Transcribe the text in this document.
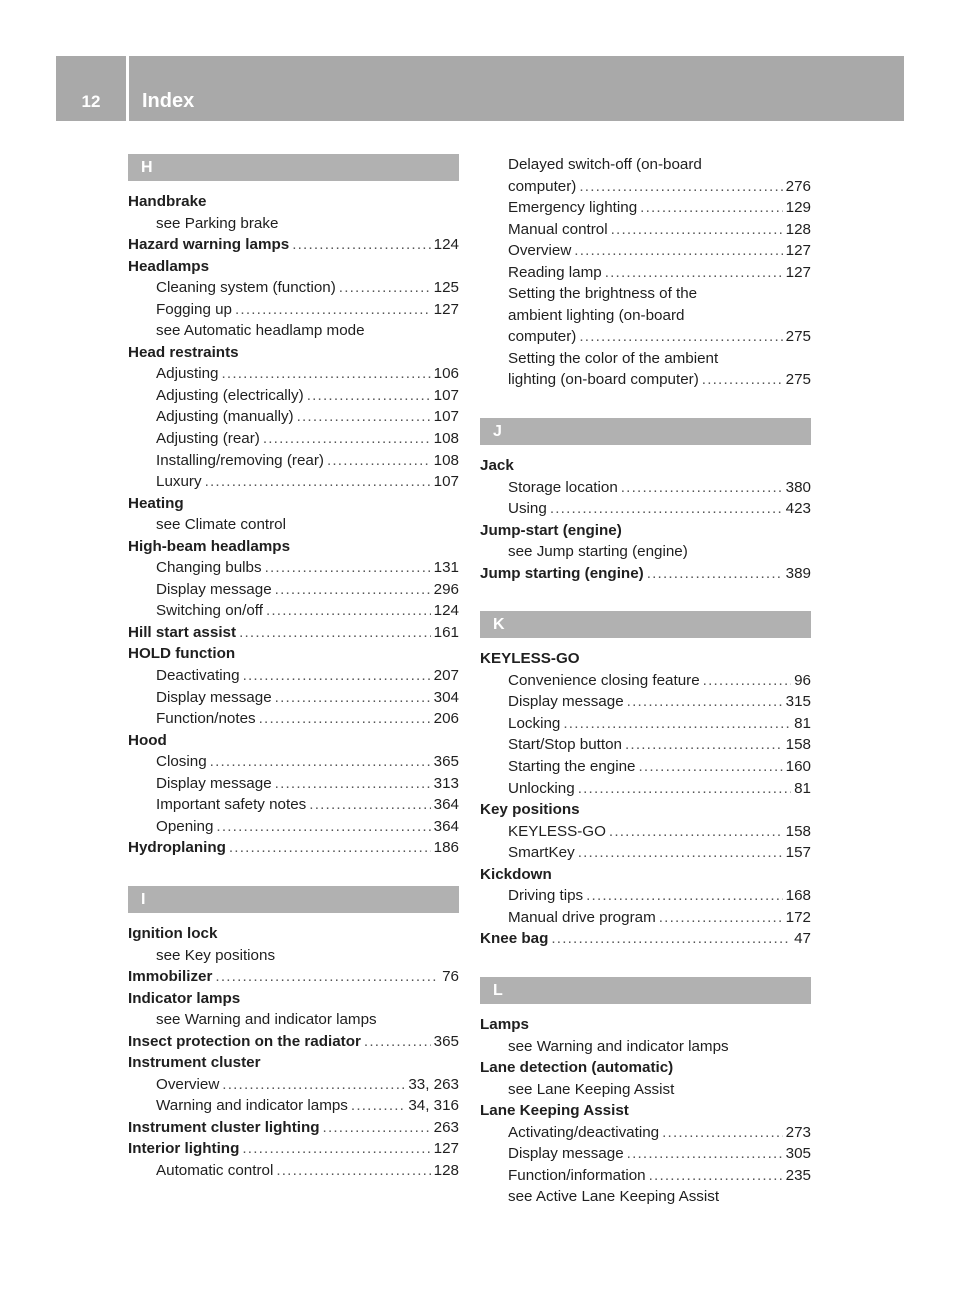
12	Index
H
Handbrake
see Parking brake
Hazard warning lamps .....	124
Headlamps
Cleaning system (function) .....	125
Fogging up .....	127
see Automatic headlamp mode
Head restraints
Adjusting .....	106
Adjusting (electrically) .....	107
Adjusting (manually) .....	107
Adjusting (rear) .....	108
Installing/removing (rear) .....	108
Luxury .....	107
Heating
see Climate control
High-beam headlamps
Changing bulbs .....	131
Display message .....	296
Switching on/off .....	124
Hill start assist .....	161
HOLD function
Deactivating .....	207
Display message .....	304
Function/notes .....	206
Hood
Closing .....	365
Display message .....	313
Important safety notes .....	364
Opening .....	364
Hydroplaning .....	186
I
Ignition lock
see Key positions
Immobilizer .....	76
Indicator lamps
see Warning and indicator lamps
Insect protection on the radiator .....	365
Instrument cluster
Overview .....	33, 263
Warning and indicator lamps .....	34, 316
Instrument cluster lighting .....	263
Interior lighting .....	127
Automatic control .....	128
Delayed switch-off (on-board
computer) .....	276
Emergency lighting .....	129
Manual control .....	128
Overview .....	127
Reading lamp .....	127
Setting the brightness of the
ambient lighting (on-board
computer) .....	275
Setting the color of the ambient
lighting (on-board computer) .....	275
J
Jack
Storage location .....	380
Using .....	423
Jump-start (engine)
see Jump starting (engine)
Jump starting (engine) .....	389
K
KEYLESS-GO
Convenience closing feature .....	96
Display message .....	315
Locking .....	81
Start/Stop button .....	158
Starting the engine .....	160
Unlocking .....	81
Key positions
KEYLESS-GO .....	158
SmartKey .....	157
Kickdown
Driving tips .....	168
Manual drive program .....	172
Knee bag .....	47
L
Lamps
see Warning and indicator lamps
Lane detection (automatic)
see Lane Keeping Assist
Lane Keeping Assist
Activating/deactivating .....	273
Display message .....	305
Function/information .....	235
see Active Lane Keeping Assist
